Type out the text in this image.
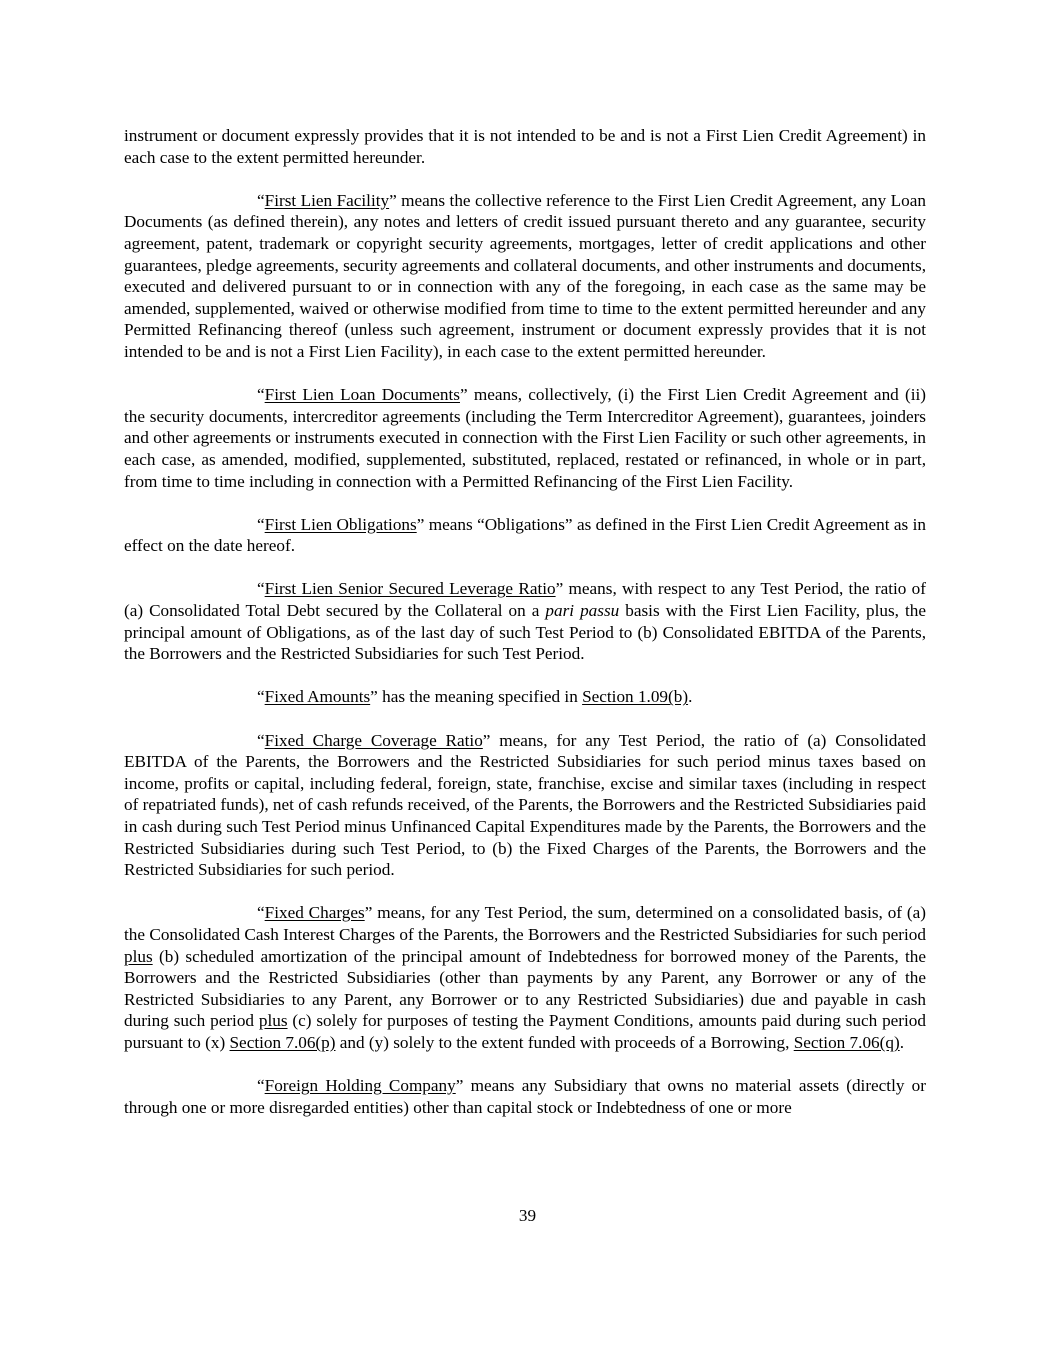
instrument or document expressly provides that it is not intended to be and is not a First Lien Credit Agreement) in each case to the extent permitted hereunder.

“First Lien Facility” means the collective reference to the First Lien Credit Agreement, any Loan Documents (as defined therein), any notes and letters of credit issued pursuant thereto and any guarantee, security agreement, patent, trademark or copyright security agreements, mortgages, letter of credit applications and other guarantees, pledge agreements, security agreements and collateral documents, and other instruments and documents, executed and delivered pursuant to or in connection with any of the foregoing, in each case as the same may be amended, supplemented, waived or otherwise modified from time to time to the extent permitted hereunder and any Permitted Refinancing thereof (unless such agreement, instrument or document expressly provides that it is not intended to be and is not a First Lien Facility), in each case to the extent permitted hereunder.

“First Lien Loan Documents” means, collectively, (i) the First Lien Credit Agreement and (ii) the security documents, intercreditor agreements (including the Term Intercreditor Agreement), guarantees, joinders and other agreements or instruments executed in connection with the First Lien Facility or such other agreements, in each case, as amended, modified, supplemented, substituted, replaced, restated or refinanced, in whole or in part, from time to time including in connection with a Permitted Refinancing of the First Lien Facility.

“First Lien Obligations” means “Obligations” as defined in the First Lien Credit Agreement as in effect on the date hereof.

“First Lien Senior Secured Leverage Ratio” means, with respect to any Test Period, the ratio of (a) Consolidated Total Debt secured by the Collateral on a pari passu basis with the First Lien Facility, plus, the principal amount of Obligations, as of the last day of such Test Period to (b) Consolidated EBITDA of the Parents, the Borrowers and the Restricted Subsidiaries for such Test Period.

“Fixed Amounts” has the meaning specified in Section 1.09(b).

“Fixed Charge Coverage Ratio” means, for any Test Period, the ratio of (a) Consolidated EBITDA of the Parents, the Borrowers and the Restricted Subsidiaries for such period minus taxes based on income, profits or capital, including federal, foreign, state, franchise, excise and similar taxes (including in respect of repatriated funds), net of cash refunds received, of the Parents, the Borrowers and the Restricted Subsidiaries paid in cash during such Test Period minus Unfinanced Capital Expenditures made by the Parents, the Borrowers and the Restricted Subsidiaries during such Test Period, to (b) the Fixed Charges of the Parents, the Borrowers and the Restricted Subsidiaries for such period.

“Fixed Charges” means, for any Test Period, the sum, determined on a consolidated basis, of (a) the Consolidated Cash Interest Charges of the Parents, the Borrowers and the Restricted Subsidiaries for such period plus (b) scheduled amortization of the principal amount of Indebtedness for borrowed money of the Parents, the Borrowers and the Restricted Subsidiaries (other than payments by any Parent, any Borrower or any of the Restricted Subsidiaries to any Parent, any Borrower or to any Restricted Subsidiaries) due and payable in cash during such period plus (c) solely for purposes of testing the Payment Conditions, amounts paid during such period pursuant to (x) Section 7.06(p) and (y) solely to the extent funded with proceeds of a Borrowing, Section 7.06(q).

“Foreign Holding Company” means any Subsidiary that owns no material assets (directly or through one or more disregarded entities) other than capital stock or Indebtedness of one or more

39
